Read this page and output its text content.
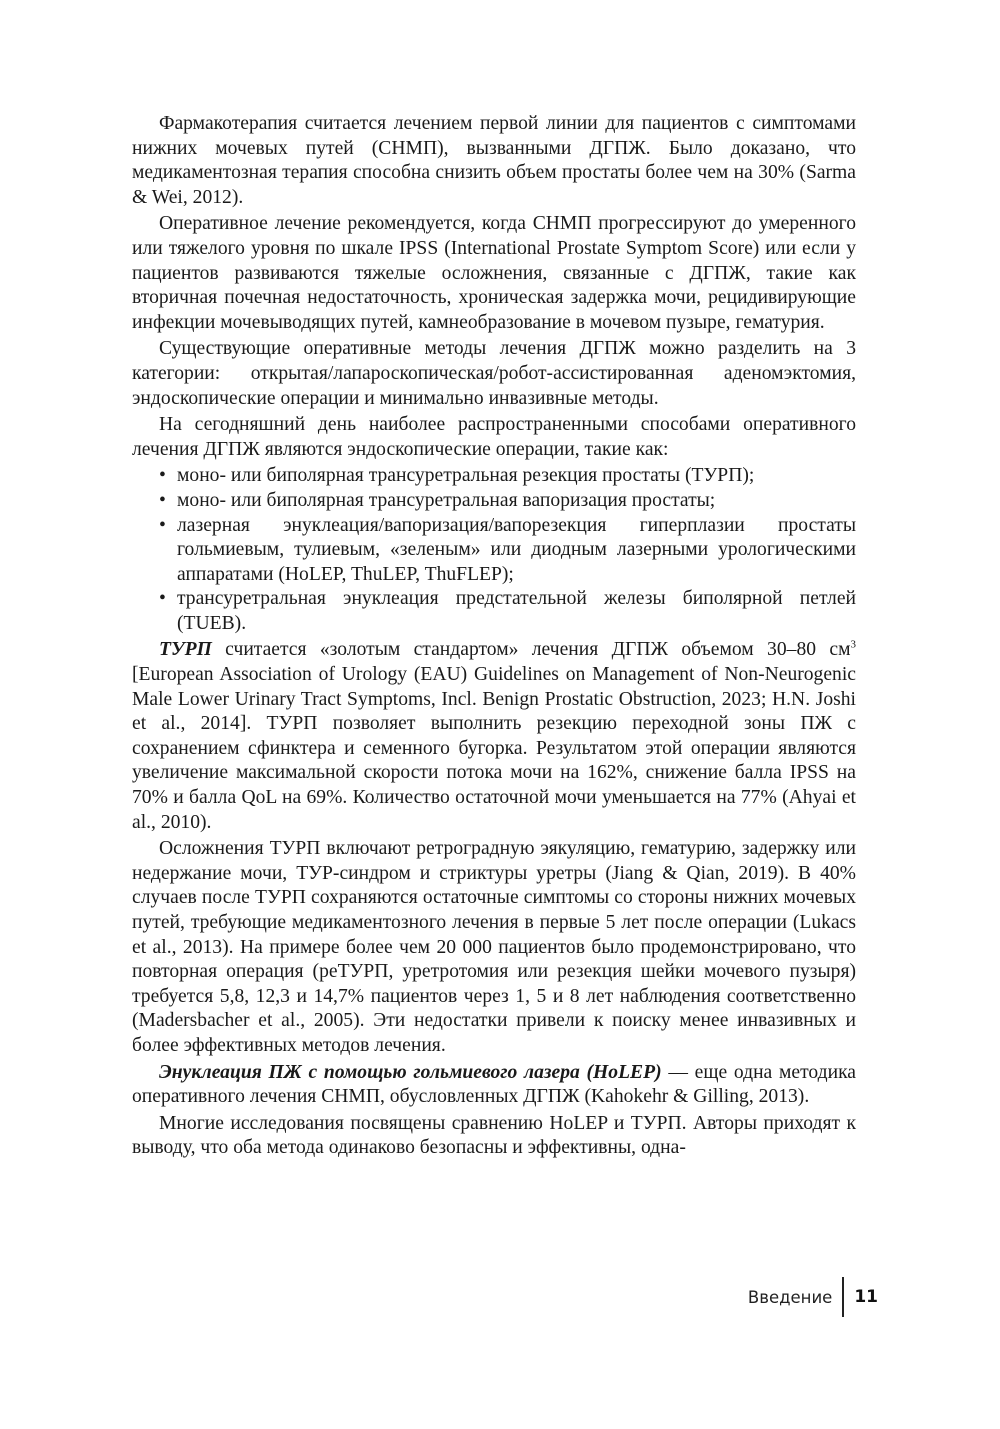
Фармакотерапия считается лечением первой линии для пациентов с симптомами нижних мочевых путей (СНМП), вызванными ДГПЖ. Было доказано, что медикаментозная терапия способна снизить объем простаты более чем на 30% (Sarma & Wei, 2012).

Оперативное лечение рекомендуется, когда СНМП прогрессируют до умеренного или тяжелого уровня по шкале IPSS (International Prostate Symptom Score) или если у пациентов развиваются тяжелые осложнения, связанные с ДГПЖ, такие как вторичная почечная недостаточность, хроническая задержка мочи, рецидивирующие инфекции мочевыводящих путей, камнеобразование в мочевом пузыре, гематурия.

Существующие оперативные методы лечения ДГПЖ можно разделить на 3 категории: открытая/лапароскопическая/робот-ассистированная аденомэктомия, эндоскопические операции и минимально инвазивные методы.

На сегодняшний день наиболее распространенными способами оперативного лечения ДГПЖ являются эндоскопические операции, такие как:

• моно- или биполярная трансуретральная резекция простаты (ТУРП);
• моно- или биполярная трансуретральная вапоризация простаты;
• лазерная энуклеация/вапоризация/вапорезекция гиперплазии простаты гольмиевым, тулиевым, «зеленым» или диодным лазерными урологическими аппаратами (HoLEP, ThuLEP, ThuFLEP);
• трансуретральная энуклеация предстательной железы биполярной петлей (TUEB).

ТУРП считается «золотым стандартом» лечения ДГПЖ объемом 30–80 $см^3$ [European Association of Urology (EAU) Guidelines on Management of Non-Neurogenic Male Lower Urinary Tract Symptoms, Incl. Benign Prostatic Obstruction, 2023; H.N. Joshi et al., 2014]. ТУРП позволяет выполнить резекцию переходной зоны ПЖ с сохранением сфинктера и семенного бугорка. Результатом этой операции являются увеличение максимальной скорости потока мочи на 162%, снижение балла IPSS на 70% и балла QoL на 69%. Количество остаточной мочи уменьшается на 77% (Ahyai et al., 2010).

Осложнения ТУРП включают ретроградную эякуляцию, гематурию, задержку или недержание мочи, ТУР-синдром и стриктуры уретры (Jiang & Qian, 2019). В 40% случаев после ТУРП сохраняются остаточные симптомы со стороны нижних мочевых путей, требующие медикаментозного лечения в первые 5 лет после операции (Lukacs et al., 2013). На примере более чем 20 000 пациентов было продемонстрировано, что повторная операция (реТУРП, уретротомия или резекция шейки мочевого пузыря) требуется 5,8, 12,3 и 14,7% пациентов через 1, 5 и 8 лет наблюдения соответственно (Madersbacher et al., 2005). Эти недостатки привели к поиску менее инвазивных и более эффективных методов лечения.

Энуклеация ПЖ с помощью гольмиевого лазера (HoLEP) — еще одна методика оперативного лечения СНМП, обусловленных ДГПЖ (Kahokehr & Gilling, 2013).

Многие исследования посвящены сравнению HoLEP и ТУРП. Авторы приходят к выводу, что оба метода одинаково безопасны и эффективны, одна-

Введение 11
